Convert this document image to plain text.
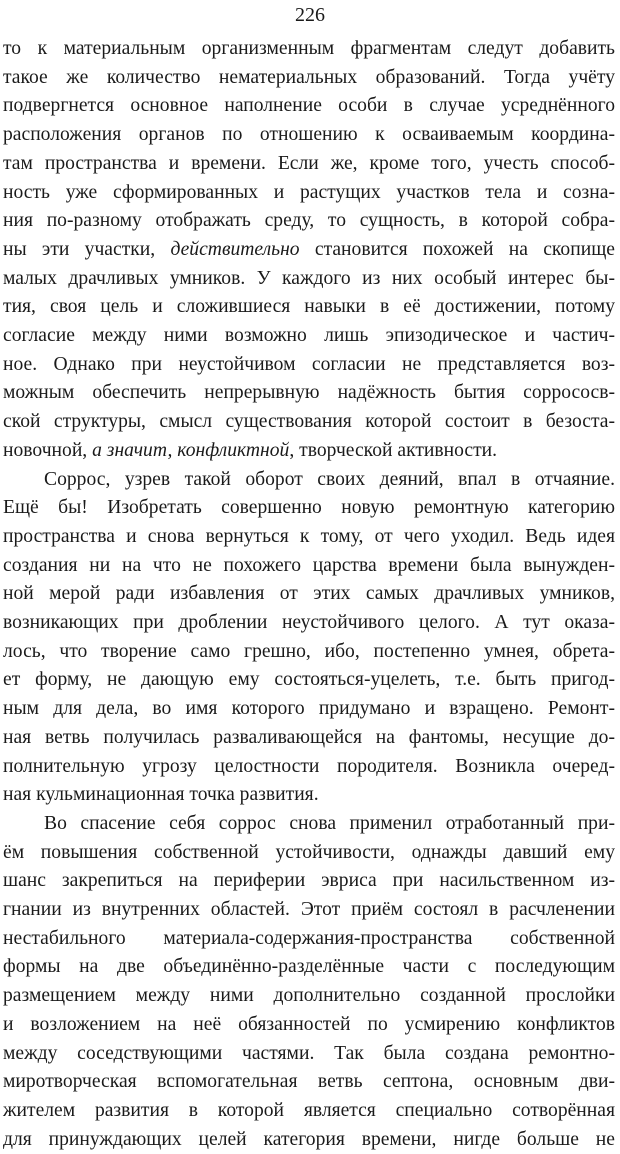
226
то к материальным организменным фрагментам следут добавить
такое же количество нематериальных образований. Тогда учёту
подвергнется основное наполнение особи в случае усреднённого
расположения органов по отношению к осваиваемым координа-
там пространства и времени. Если же, кроме того, учесть способ-
ность уже сформированных и растущих участков тела и созна-
ния по-разному отображать среду, то сущность, в которой собра-
ны эти участки, действительно становится похожей на скопище
малых драчливых умников. У каждого из них особый интерес бы-
тия, своя цель и сложившиеся навыки в её достижении, потому
согласие между ними возможно лишь эпизодическое и частич-
ное. Однако при неустойчивом согласии не представляется воз-
можным обеспечить непрерывную надёжность бытия соррососв-
ской структуры, смысл существования которой состоит в безоста-
новочной, а значит, конфликтной, творческой активности.
Соррос, узрев такой оборот своих деяний, впал в отчаяние.
Ещё бы! Изобретать совершенно новую ремонтную категорию
пространства и снова вернуться к тому, от чего уходил. Ведь идея
создания ни на что не похожего царства времени была вынужден-
ной мерой ради избавления от этих самых драчливых умников,
возникающих при дроблении неустойчивого целого. А тут оказа-
лось, что творение само грешно, ибо, постепенно умнея, обрета-
ет форму, не дающую ему состояться-уцелеть, т.е. быть пригод-
ным для дела, во имя которого придумано и взращено. Ремонт-
ная ветвь получилась разваливающейся на фантомы, несущие до-
полнительную угрозу целостности породителя. Возникла очеред-
ная кульминационная точка развития.
Во спасение себя соррос снова применил отработанный при-
ём повышения собственной устойчивости, однажды давший ему
шанс закрепиться на периферии эвриса при насильственном из-
гнании из внутренних областей. Этот приём состоял в расчленении
нестабильного материала-содержания-пространства собственной
формы на две объединённо-разделённые части с последующим
размещением между ними дополнительно созданной прослойки
и возложением на неё обязанностей по усмирению конфликтов
между соседствующими частями. Так была создана ремонтно-
миротворческая вспомогательная ветвь септона, основным дви-
жителем развития в которой является специально сотворённая
для принуждающих целей категория времени, нигде больше не
